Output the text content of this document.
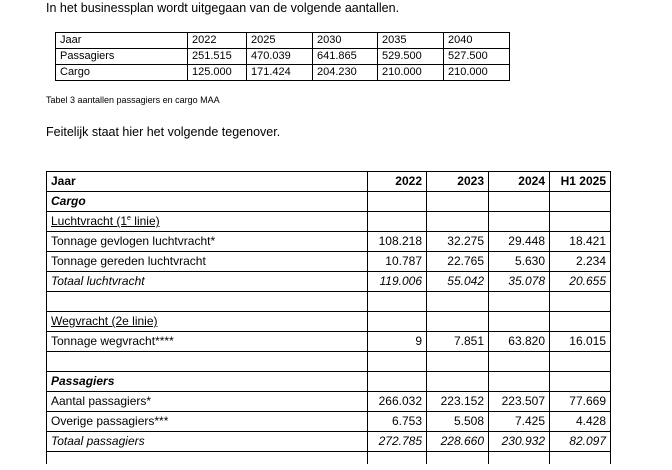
In het businessplan wordt uitgegaan van de volgende aantallen.
Jaar	2022	2025	2030	2035	2040
Passagiers	251.515	470.039	641.865	529.500	527.500
Cargo	125.000	171.424	204.230	210.000	210.000
Tabel 3 aantallen passagiers en cargo MAA
Feitelijk staat hier het volgende tegenover.
Jaar	2022	2023	2024	H1 2025
Cargo				
Luchtvracht (1e linie)				
Tonnage gevlogen luchtvracht*	108.218	32.275	29.448	18.421
Tonnage gereden luchtvracht	10.787	22.765	5.630	2.234
Totaal luchtvracht	119.006	55.042	35.078	20.655

Wegvracht (2e linie)				
Tonnage wegvracht****	9	7.851	63.820	16.015

Passagiers				
Aantal passagiers*	266.032	223.152	223.507	77.669
Overige passagiers***	6.753	5.508	7.425	4.428
Totaal passagiers	272.785	228.660	230.932	82.097
